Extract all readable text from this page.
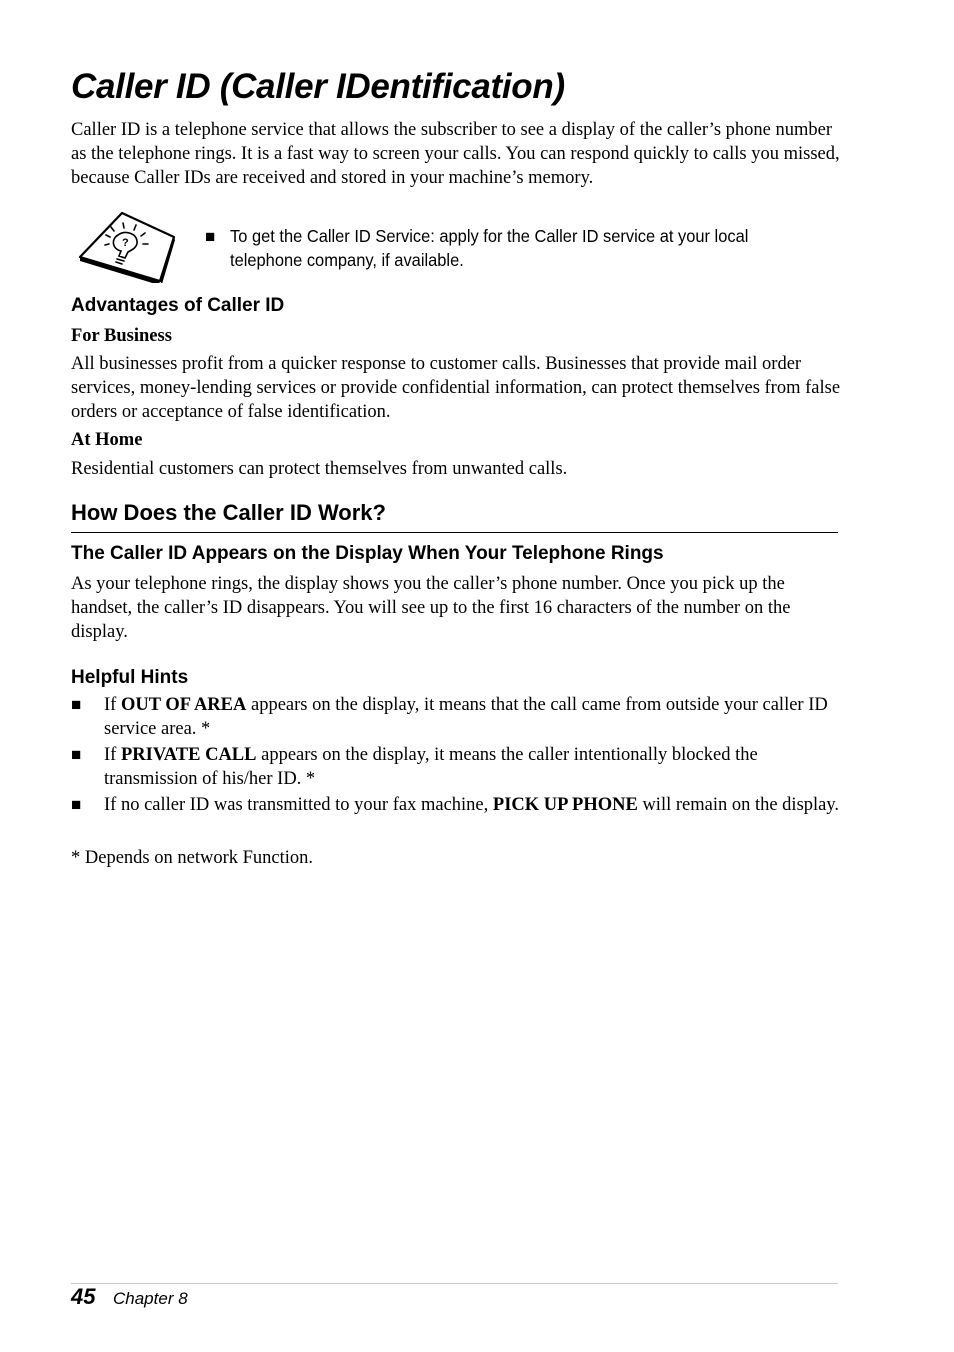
Caller ID (Caller IDentification)

Caller ID is a telephone service that allows the subscriber to see a display of the caller’s phone number as the telephone rings. It is a fast way to screen your calls. You can respond quickly to calls you missed, because Caller IDs are received and stored in your machine’s memory.

?	■ To get the Caller ID Service: apply for the Caller ID service at your local telephone company, if available.
Advantages of Caller ID
For Business

All businesses profit from a quicker response to customer calls. Businesses that provide mail order services, money-lending services or provide confidential information, can protect themselves from false orders or acceptance of false identification.

At Home

Residential customers can protect themselves from unwanted calls.

How Does the Caller ID Work?
The Caller ID Appears on the Display When Your Telephone Rings

As your telephone rings, the display shows you the caller’s phone number. Once you pick up the handset, the caller’s ID disappears. You will see up to the first 16 characters of the number on the display.

Helpful Hints
■ If OUT OF AREA appears on the display, it means that the call came from outside your caller ID service area. *
■ If PRIVATE CALL appears on the display, it means the caller intentionally blocked the transmission of his/her ID. *
■ If no caller ID was transmitted to your fax machine, PICK UP PHONE will remain on the display.

* Depends on network Function.

45 Chapter 8
